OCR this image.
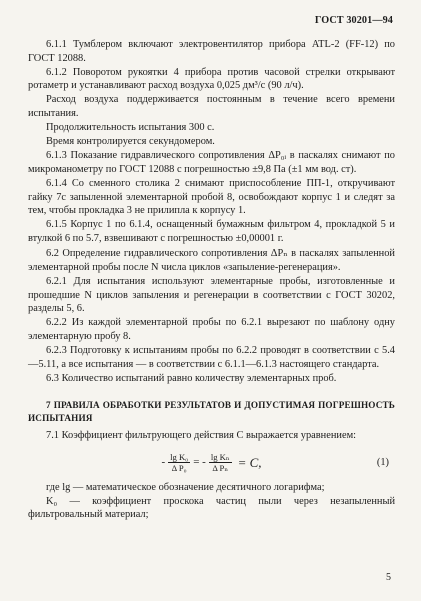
ГОСТ 30201—94

6.1.1 Тумблером включают электровентилятор прибора ATL-2 (FF-12) по ГОСТ 12088.

6.1.2 Поворотом рукоятки 4 прибора против часовой стрелки открывают ротаметр и устанавливают расход воздуха 0,025 дм³/с (90 л/ч).

Расход воздуха поддерживается постоянным в течение всего времени испытания.

Продолжительность испытания 300 с.

Время контролируется секундомером.

6.1.3 Показание гидравлического сопротивления ΔP₀ᵢ в паскалях снимают по микроманометру по ГОСТ 12088 с погрешностью ±9,8 Па (±1 мм вод. ст).

6.1.4 Со сменного столика 2 снимают приспособление ПП-1, откручивают гайку 7с запыленной элементарной пробой 8, освобождают корпус 1 и следят за тем, чтобы прокладка 3 не прилипла к корпусу 1.

6.1.5 Корпус 1 по 6.1.4, оснащенный бумажным фильтром 4, прокладкой 5 и втулкой 6 по 5.7, взвешивают с погрешностью ±0,00001 г.

6.2 Определение гидравлического сопротивления ΔPₙ в паскалях запыленной элементарной пробы после N числа циклов «запыление-регенерация».

6.2.1 Для испытания используют элементарные пробы, изготовленные и прошедшие N циклов запыления и регенерации в соответствии с ГОСТ 30202, разделы 5, 6.

6.2.2 Из каждой элементарной пробы по 6.2.1 вырезают по шаблону одну элементарную пробу 8.

6.2.3 Подготовку к испытаниям пробы по 6.2.2 проводят в соответствии с 5.4—5.11, а все испытания — в соответствии с 6.1.1—6.1.3 настоящего стандарта.

6.3 Количество испытаний равно количеству элементарных проб.

7 ПРАВИЛА ОБРАБОТКИ РЕЗУЛЬТАТОВ И ДОПУСТИМАЯ ПОГРЕШНОСТЬ ИСПЫТАНИЯ

7.1 Коэффициент фильтрующего действия C выражается уравнением:

- $\frac{\text{lg K₀}}{\text{Δ P₀}}$ = - $\frac{\text{lg Kₙ}}{\text{Δ Pₙ}} = C$,	(1)

где lg — математическое обозначение десятичного логарифма;

K₀ — коэффициент проскока частиц пыли через незапыленный фильтровальный материал;

5
